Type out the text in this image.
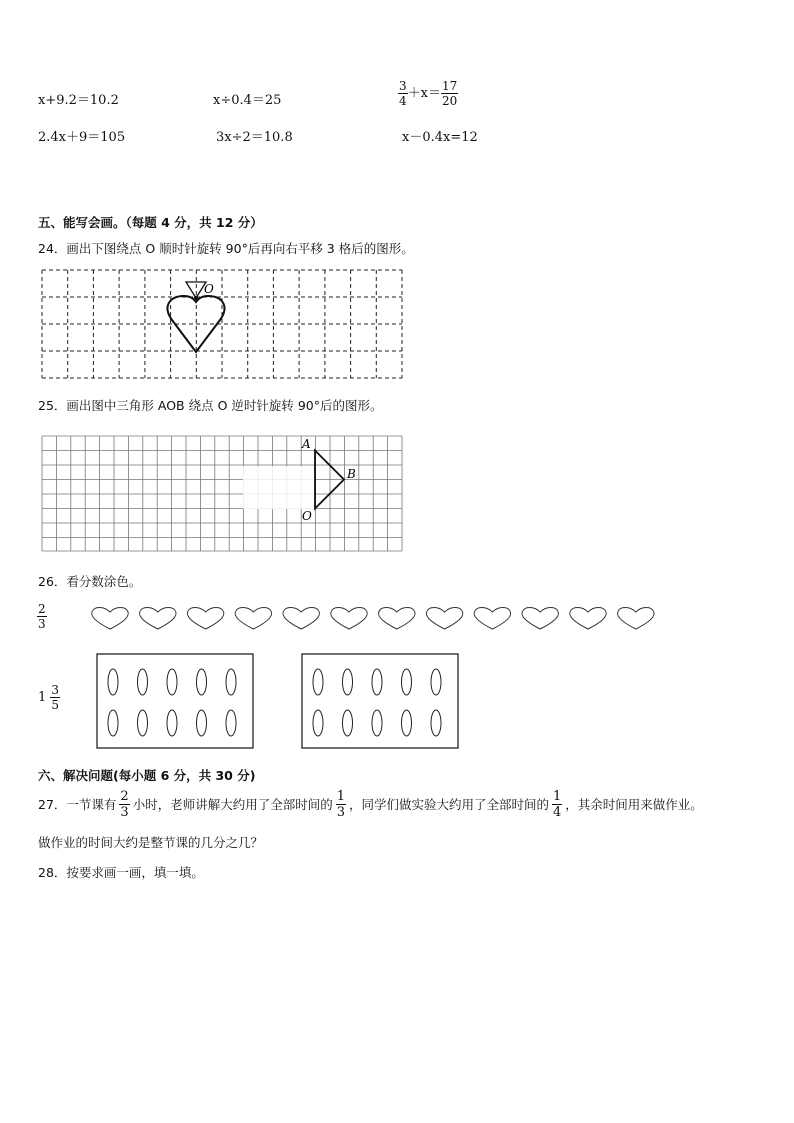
x+9.2＝10.2	x÷0.4＝25	$\frac{3}{4} +x= \frac{17}{20}$
2.4x＋9＝105	3x÷2＝10.8	x－0.4x=12
五、能写会画。（每题 4 分，共 12 分）
24．画出下图绕点 O 顺时针旋转 90°后再向右平移 3 格后的图形。
O
25．画出图中三角形 AOB 绕点 O 逆时针旋转 90°后的图形。
A
B
O
26．看分数涂色。
$\frac{2}{3}$
$1 \frac{3}{5}$
六、解决问题(每小题 6 分，共 30 分)
27．一节课有 $\frac{2}{3}$ 小时，老师讲解大约用了全部时间的 $\frac{1}{3}$ ，同学们做实验大约用了全部时间的 $\frac{1}{4}$ ，其余时间用来做作业。
做作业的时间大约是整节课的几分之几？
28．按要求画一画，填一填。
